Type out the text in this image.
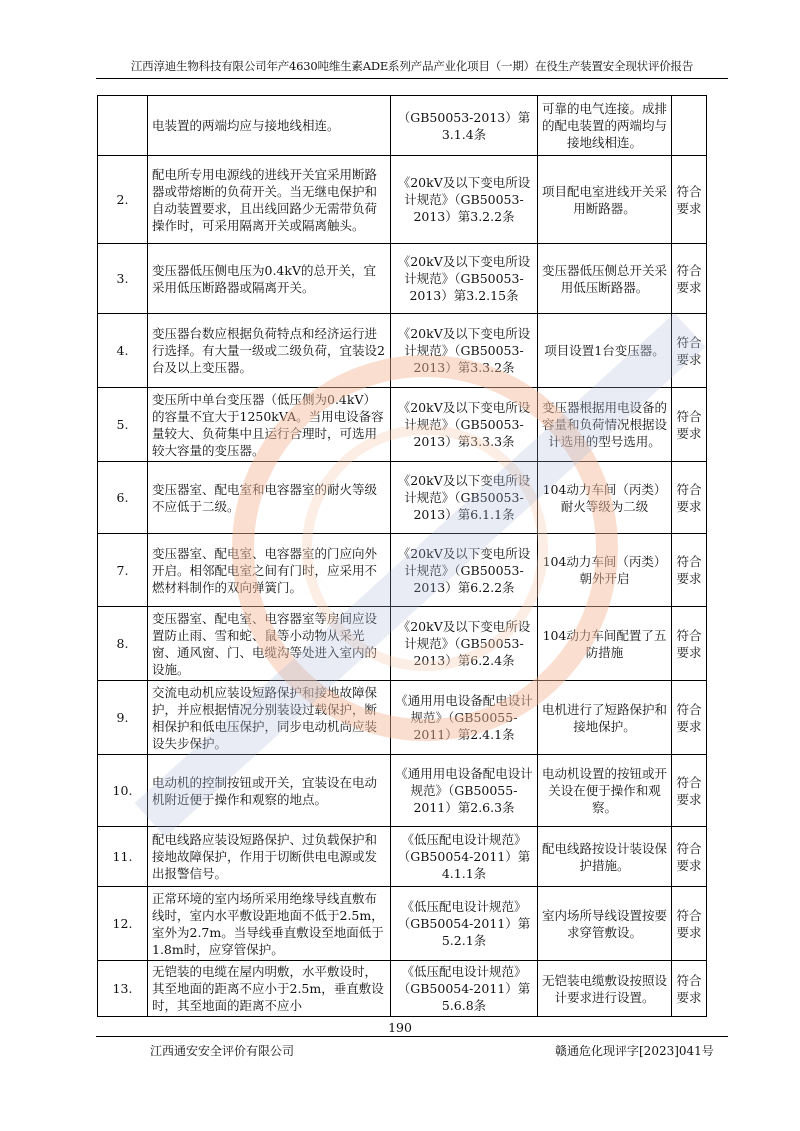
江西淳迪生物科技有限公司年产4630吨维生素ADE系列产品产业化项目（一期）在役生产装置安全现状评价报告
	电装置的两端均应与接地线相连。	（GB50053-2013）第3.1.4条	可靠的电气连接。成排的配电装置的两端均与接地线相连。	
2.	配电所专用电源线的进线开关宜采用断路器或带熔断的负荷开关。当无继电保护和自动装置要求，且出线回路少无需带负荷操作时，可采用隔离开关或隔离触头。	《20kV及以下变电所设计规范》（GB50053-2013）第3.2.2条	项目配电室进线开关采用断路器。	符合要求
3.	变压器低压侧电压为0.4kV的总开关，宜采用低压断路器或隔离开关。	《20kV及以下变电所设计规范》（GB50053-2013）第3.2.15条	变压器低压侧总开关采用低压断路器。	符合要求
4.	变压器台数应根据负荷特点和经济运行进行选择。有大量一级或二级负荷，宜装设2台及以上变压器。	《20kV及以下变电所设计规范》（GB50053-2013）第3.3.2条	项目设置1台变压器。	符合要求
5.	变压所中单台变压器（低压侧为0.4kV）的容量不宜大于1250kVA。当用电设备容量较大、负荷集中且运行合理时，可选用较大容量的变压器。	《20kV及以下变电所设计规范》（GB50053-2013）第3.3.3条	变压器根据用电设备的容量和负荷情况根据设计选用的型号选用。	符合要求
6.	变压器室、配电室和电容器室的耐火等级不应低于二级。	《20kV及以下变电所设计规范》（GB50053-2013）第6.1.1条	104动力车间（丙类）耐火等级为二级	符合要求
7.	变压器室、配电室、电容器室的门应向外开启。相邻配电室之间有门时，应采用不燃材料制作的双向弹簧门。	《20kV及以下变电所设计规范》（GB50053-2013）第6.2.2条	104动力车间（丙类）朝外开启	符合要求
8.	变压器室、配电室、电容器室等房间应设置防止雨、雪和蛇、鼠等小动物从采光窗、通风窗、门、电缆沟等处进入室内的设施。	《20kV及以下变电所设计规范》（GB50053-2013）第6.2.4条	104动力车间配置了五防措施	符合要求
9.	交流电动机应装设短路保护和接地故障保护，并应根据情况分别装设过载保护，断相保护和低电压保护，同步电动机尚应装设失步保护。	《通用用电设备配电设计规范》（GB50055-2011）第2.4.1条	电机进行了短路保护和接地保护。	符合要求
10.	电动机的控制按钮或开关，宜装设在电动机附近便于操作和观察的地点。	《通用用电设备配电设计规范》（GB50055-2011）第2.6.3条	电动机设置的按钮或开关设在便于操作和观察。	符合要求
11.	配电线路应装设短路保护、过负载保护和接地故障保护，作用于切断供电电源或发出报警信号。	《低压配电设计规范》（GB50054-2011）第4.1.1条	配电线路按设计装设保护措施。	符合要求
12.	正常环境的室内场所采用绝缘导线直敷布线时，室内水平敷设距地面不低于2.5m，室外为2.7m。当导线垂直敷设至地面低于1.8m时，应穿管保护。	《低压配电设计规范》（GB50054-2011）第5.2.1条	室内场所导线设置按要求穿管敷设。	符合要求
13.	无铠装的电缆在屋内明敷，水平敷设时，其至地面的距离不应小于2.5m，垂直敷设时，其至地面的距离不应小	《低压配电设计规范》（GB50054-2011）第5.6.8条	无铠装电缆敷设按照设计要求进行设置。	符合要求
190
江西通安安全评价有限公司	赣通危化现评字[2023]041号
